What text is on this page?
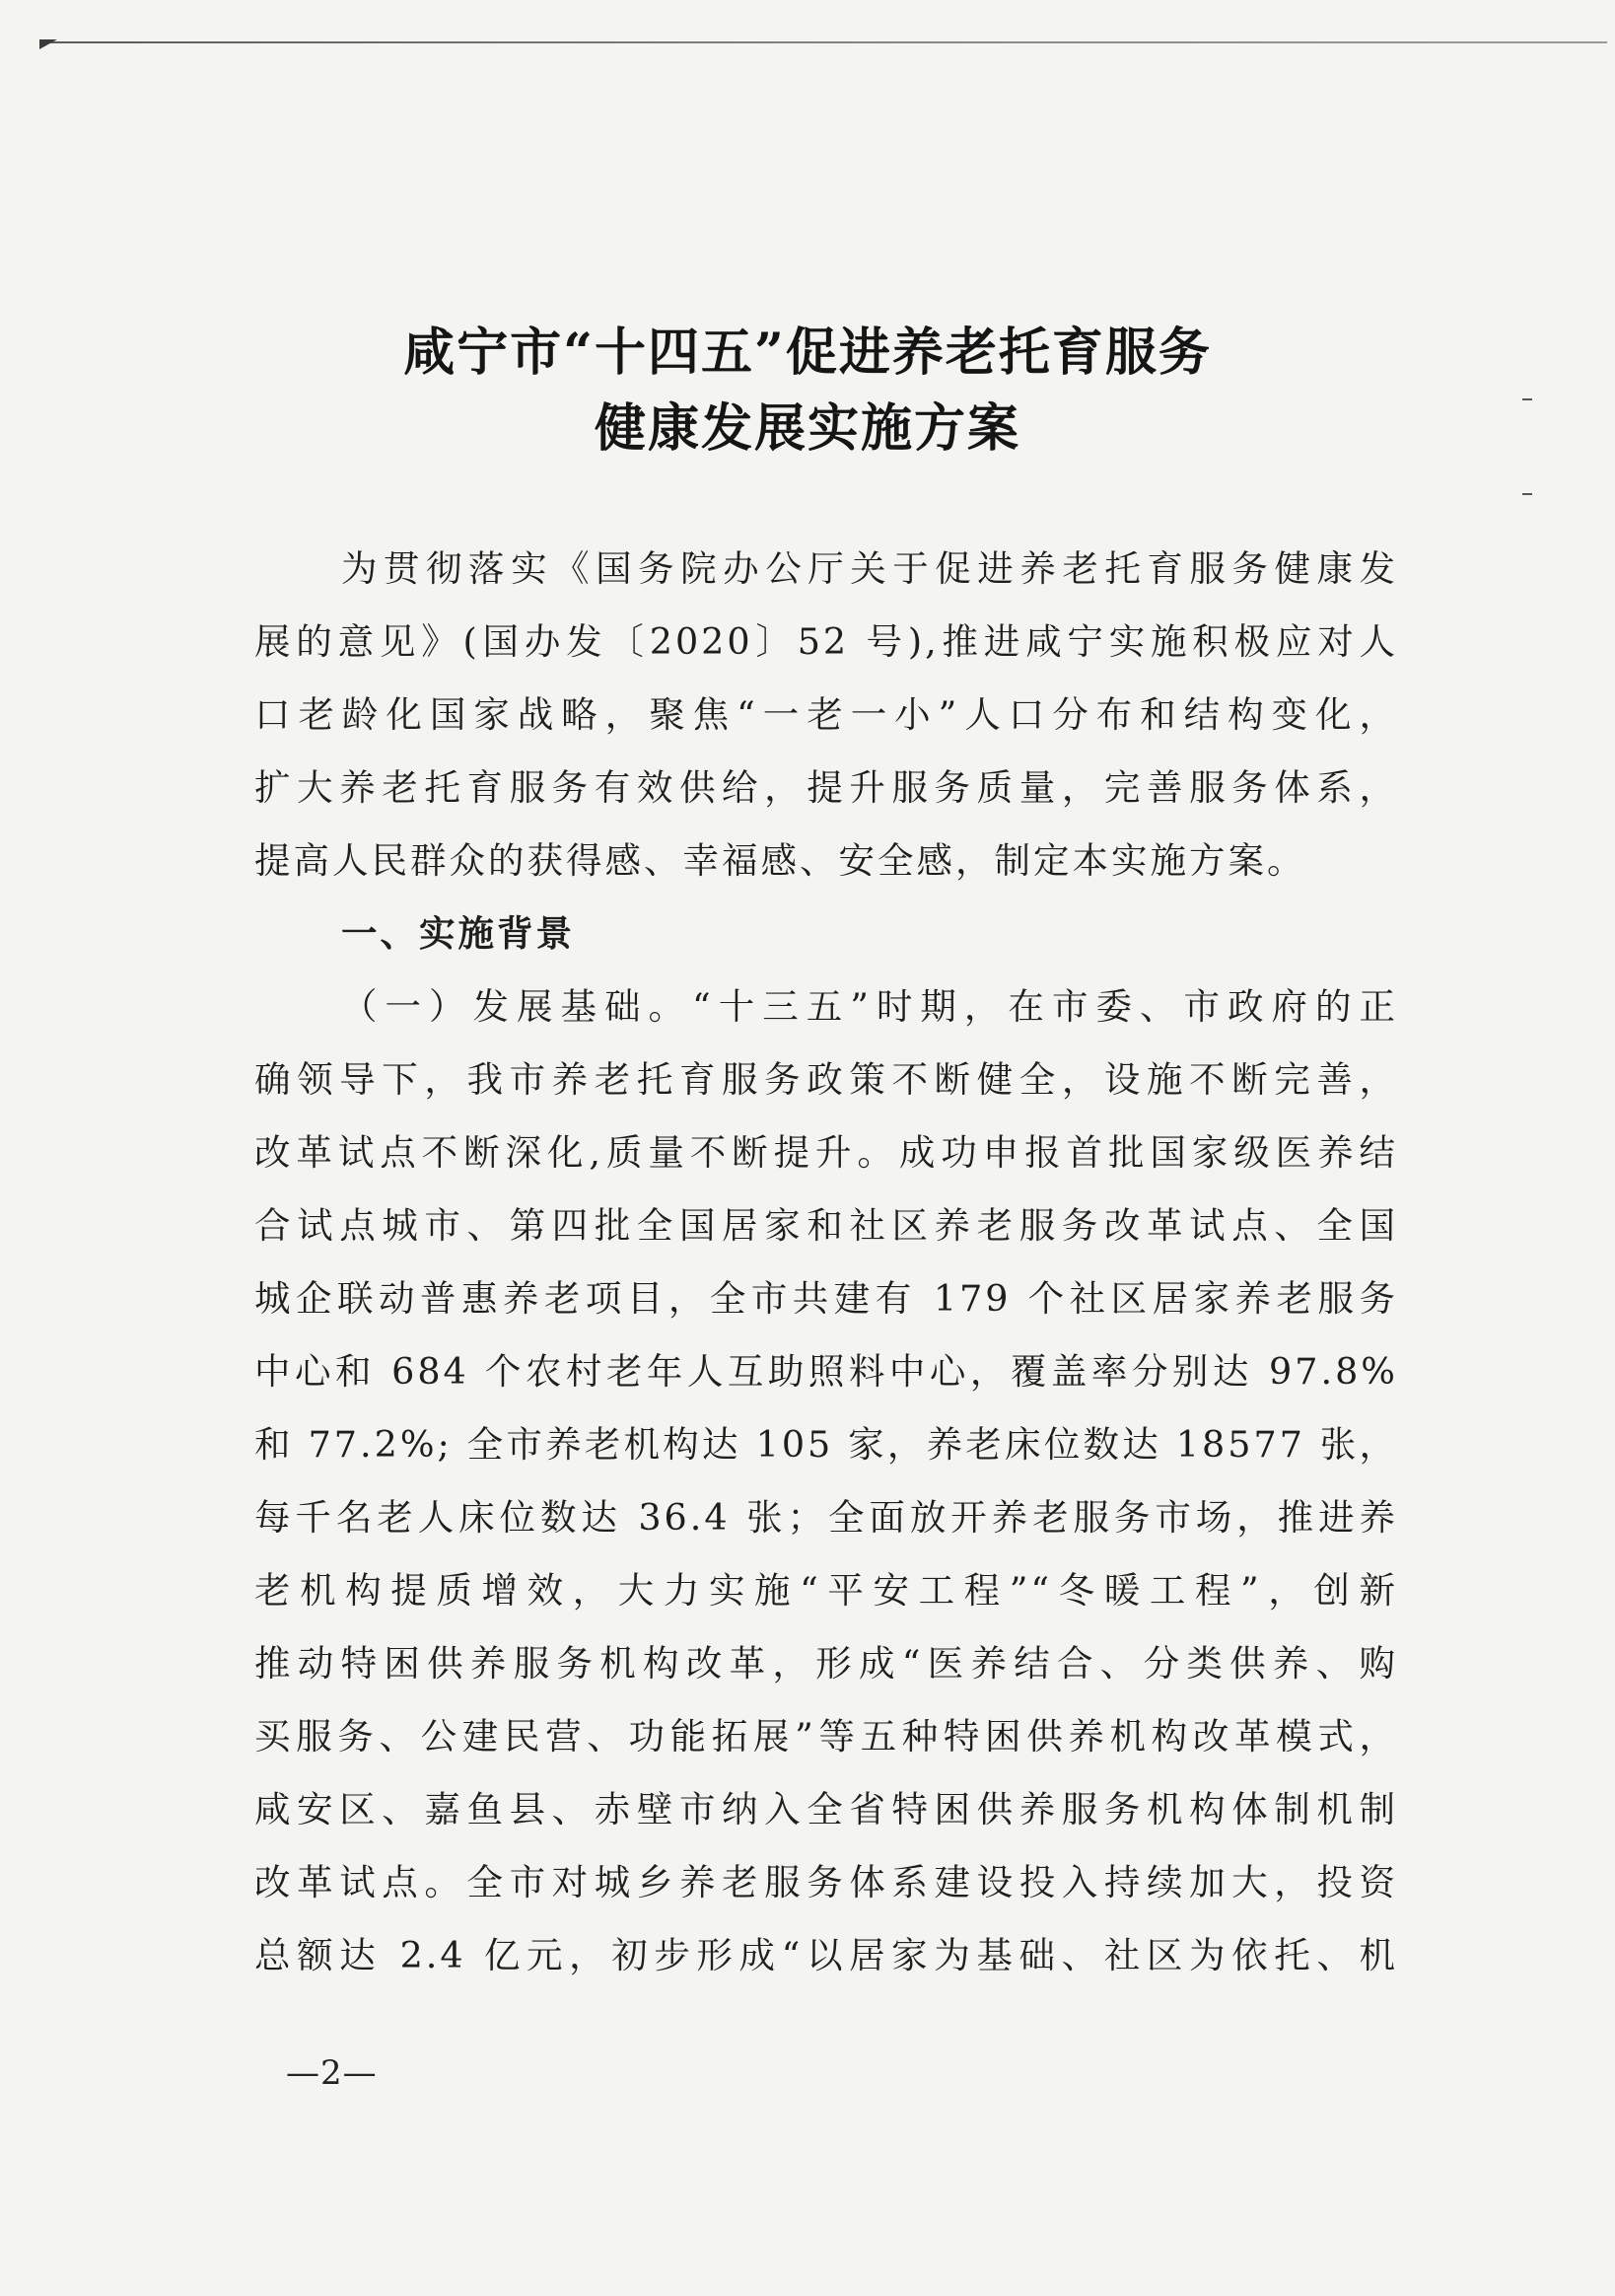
咸宁市“十四五”促进养老托育服务
健康发展实施方案
为贯彻落实《国务院办公厅关于促进养老托育服务健康发
展的意见》(国办发〔2020〕52 号),推进咸宁实施积极应对人
口老龄化国家战略，聚焦“一老一小”人口分布和结构变化，
扩大养老托育服务有效供给，提升服务质量，完善服务体系，
提高人民群众的获得感、幸福感、安全感，制定本实施方案。
一、实施背景
（一）发展基础。“十三五”时期，在市委、市政府的正
确领导下，我市养老托育服务政策不断健全，设施不断完善，
改革试点不断深化,质量不断提升。成功申报首批国家级医养结
合试点城市、第四批全国居家和社区养老服务改革试点、全国
城企联动普惠养老项目，全市共建有 179 个社区居家养老服务
中心和 684 个农村老年人互助照料中心，覆盖率分别达 97.8%
和 77.2%; 全市养老机构达 105 家，养老床位数达 18577 张，
每千名老人床位数达 36.4 张；全面放开养老服务市场，推进养
老机构提质增效，大力实施“平安工程”“冬暖工程”，创新
推动特困供养服务机构改革，形成“医养结合、分类供养、购
买服务、公建民营、功能拓展”等五种特困供养机构改革模式，
咸安区、嘉鱼县、赤壁市纳入全省特困供养服务机构体制机制
改革试点。全市对城乡养老服务体系建设投入持续加大，投资
总额达 2.4 亿元，初步形成“以居家为基础、社区为依托、机
—2—
